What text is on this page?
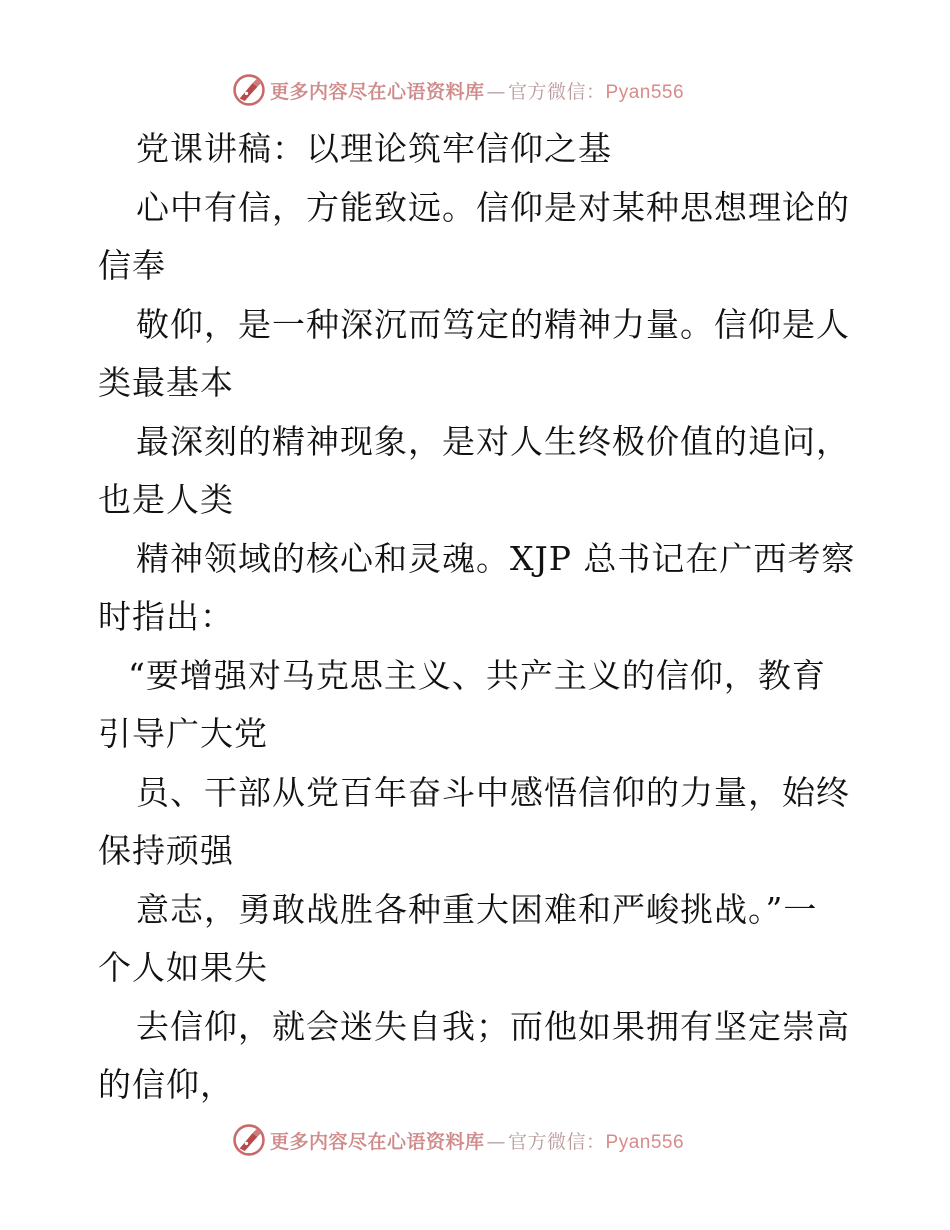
更多内容尽在心语资料库 — 官方微信：Pyan556
党课讲稿：以理论筑牢信仰之基
心中有信，方能致远。信仰是对某种思想理论的
信奉
敬仰，是一种深沉而笃定的精神力量。信仰是人
类最基本
最深刻的精神现象，是对人生终极价值的追问，
也是人类
精神领域的核心和灵魂。XJP 总书记在广西考察
时指出：
“要增强对马克思主义、共产主义的信仰，教育
引导广大党
员、干部从党百年奋斗中感悟信仰的力量，始终
保持顽强
意志，勇敢战胜各种重大困难和严峻挑战。”一
个人如果失
去信仰，就会迷失自我；而他如果拥有坚定崇高
的信仰，
更多内容尽在心语资料库 — 官方微信：Pyan556
